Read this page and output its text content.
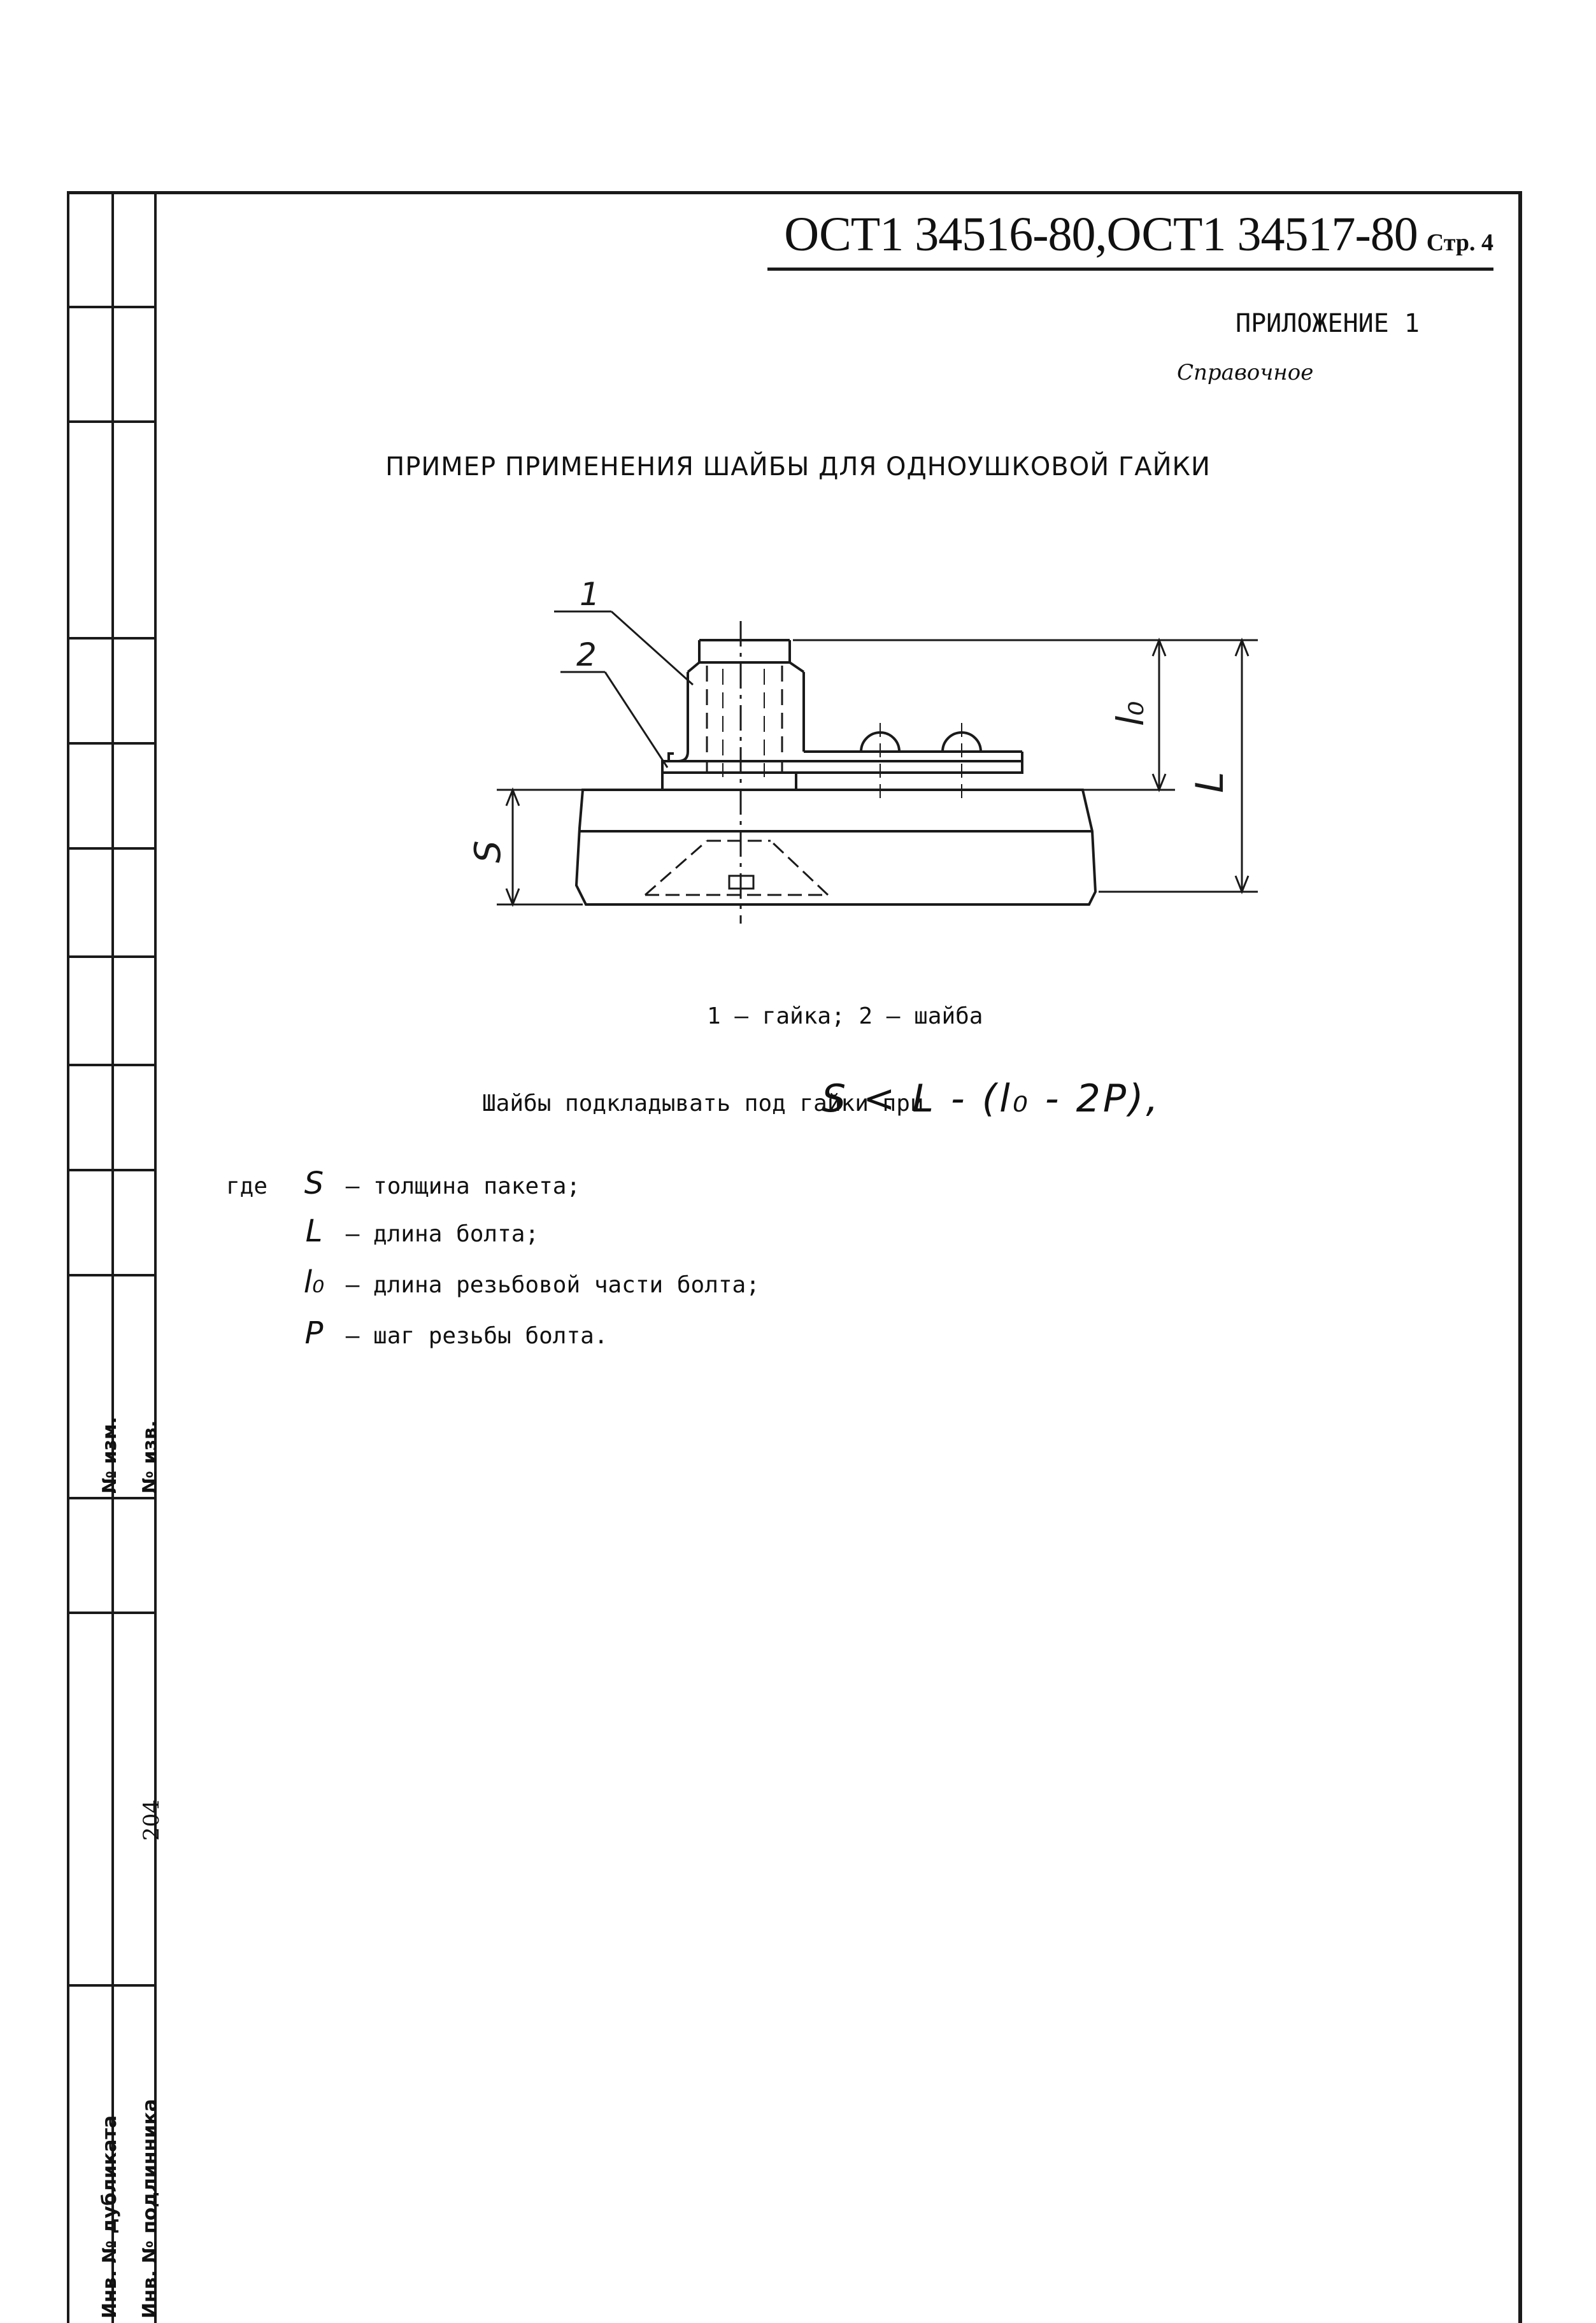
№ изм. № изв.
204
Инв. № дубликата Инв. № подлинника
ОСТ1 34516-80,ОСТ1 34517-80 Стр. 4
ПРИЛОЖЕНИЕ 1
Справочное
ПРИМЕР ПРИМЕНЕНИЯ ШАЙБЫ ДЛЯ ОДНОУШКОВОЙ ГАЙКИ
1
2
l₀
L
S
1 – гайка; 2 – шайба
Шайбы подкладывать под гайки при
S < L - (l₀ - 2P),
где S – толщина пакета;
L – длина болта;
l₀ – длина резьбовой части болта;
P – шаг резьбы болта.
